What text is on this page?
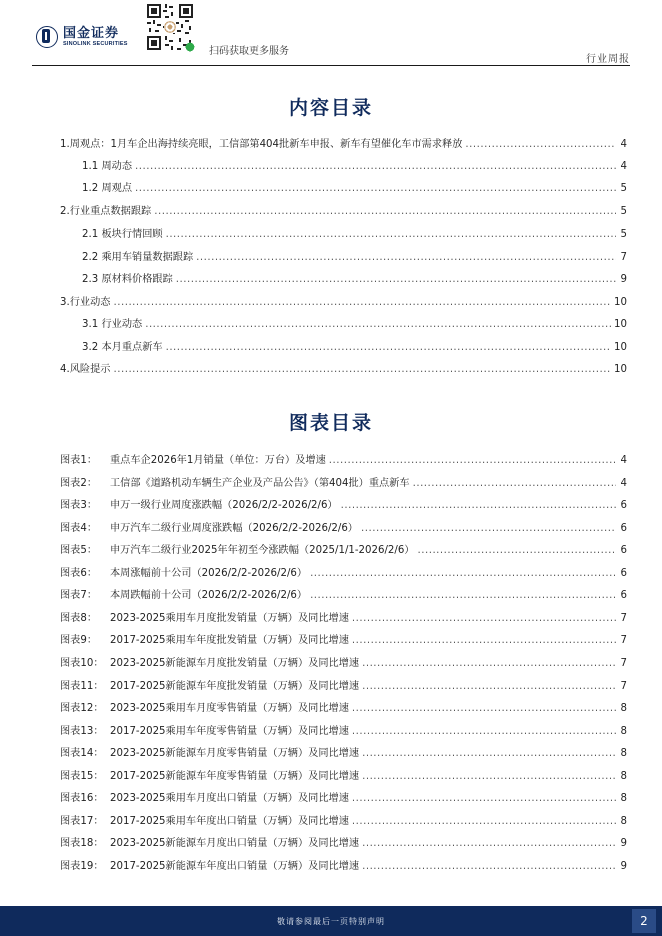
国金证券
SINOLINK SECURITIES
扫码获取更多服务
行业周报
内容目录
1.周观点：1月车企出海持续亮眼，工信部第404批新车申报、新车有望催化车市需求释放 .....	4
1.1 周动态 .....	4
1.2 周观点 .....	5
2.行业重点数据跟踪 .....	5
2.1 板块行情回顾 .....	5
2.2 乘用车销量数据跟踪 .....	7
2.3 原材料价格跟踪 .....	9
3.行业动态 .....	10
3.1 行业动态 .....	10
3.2 本月重点新车 .....	10
4.风险提示 .....	10
图表目录
图表1：	重点车企2026年1月销量（单位：万台）及增速 .....	4
图表2：	工信部《道路机动车辆生产企业及产品公告》（第404批）重点新车 .....	4
图表3：	申万一级行业周度涨跌幅（2026/2/2-2026/2/6） .....	6
图表4：	申万汽车二级行业周度涨跌幅（2026/2/2-2026/2/6） .....	6
图表5：	申万汽车二级行业2025年年初至今涨跌幅（2025/1/1-2026/2/6） .....	6
图表6：	本周涨幅前十公司（2026/2/2-2026/2/6） .....	6
图表7：	本周跌幅前十公司（2026/2/2-2026/2/6） .....	6
图表8：	2023-2025乘用车月度批发销量（万辆）及同比增速 .....	7
图表9：	2017-2025乘用车年度批发销量（万辆）及同比增速 .....	7
图表10： 2023-2025新能源车月度批发销量（万辆）及同比增速 .....	7
图表11： 2017-2025新能源车年度批发销量（万辆）及同比增速 .....	7
图表12： 2023-2025乘用车月度零售销量（万辆）及同比增速 .....	8
图表13： 2017-2025乘用车年度零售销量（万辆）及同比增速 .....	8
图表14： 2023-2025新能源车月度零售销量（万辆）及同比增速 .....	8
图表15： 2017-2025新能源车年度零售销量（万辆）及同比增速 .....	8
图表16： 2023-2025乘用车月度出口销量（万辆）及同比增速 .....	8
图表17： 2017-2025乘用车年度出口销量（万辆）及同比增速 .....	8
图表18： 2023-2025新能源车月度出口销量（万辆）及同比增速 .....	9
图表19： 2017-2025新能源车年度出口销量（万辆）及同比增速 .....	9
敬请参阅最后一页特别声明	2
